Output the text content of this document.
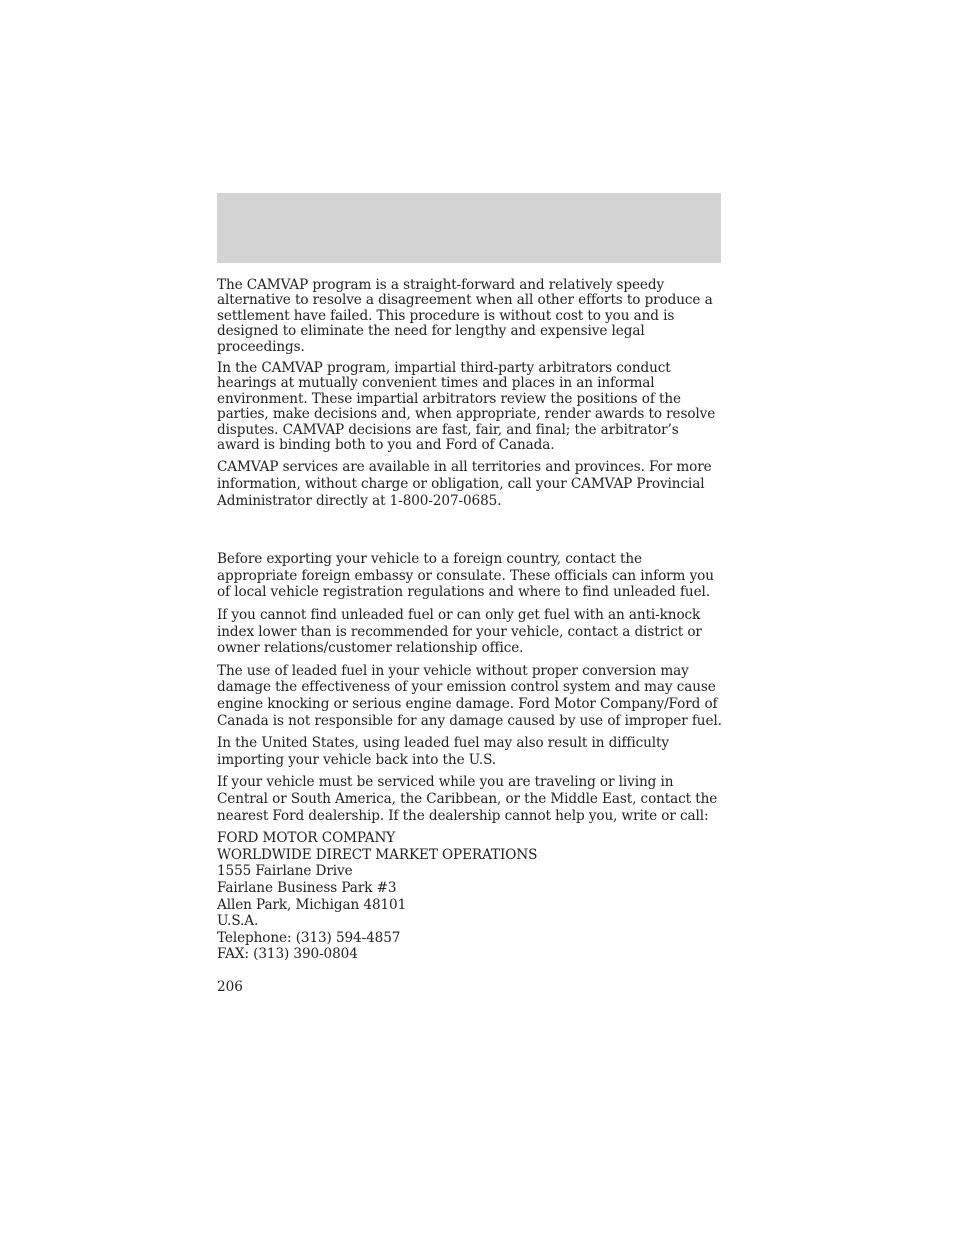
The CAMVAP program is a straight-forward and relatively speedy alternative to resolve a disagreement when all other efforts to produce a settlement have failed. This procedure is without cost to you and is designed to eliminate the need for lengthy and expensive legal proceedings.

In the CAMVAP program, impartial third-party arbitrators conduct hearings at mutually convenient times and places in an informal environment. These impartial arbitrators review the positions of the parties, make decisions and, when appropriate, render awards to resolve disputes. CAMVAP decisions are fast, fair, and final; the arbitrator’s award is binding both to you and Ford of Canada.

CAMVAP services are available in all territories and provinces. For more information, without charge or obligation, call your CAMVAP Provincial Administrator directly at 1-800-207-0685.

Before exporting your vehicle to a foreign country, contact the appropriate foreign embassy or consulate. These officials can inform you of local vehicle registration regulations and where to find unleaded fuel.

If you cannot find unleaded fuel or can only get fuel with an anti-knock index lower than is recommended for your vehicle, contact a district or owner relations/customer relationship office.

The use of leaded fuel in your vehicle without proper conversion may damage the effectiveness of your emission control system and may cause engine knocking or serious engine damage. Ford Motor Company/Ford of Canada is not responsible for any damage caused by use of improper fuel.

In the United States, using leaded fuel may also result in difficulty importing your vehicle back into the U.S.

If your vehicle must be serviced while you are traveling or living in Central or South America, the Caribbean, or the Middle East, contact the nearest Ford dealership. If the dealership cannot help you, write or call:

FORD MOTOR COMPANY
WORLDWIDE DIRECT MARKET OPERATIONS
1555 Fairlane Drive
Fairlane Business Park #3
Allen Park, Michigan 48101
U.S.A.
Telephone: (313) 594-4857
FAX: (313) 390-0804

206
